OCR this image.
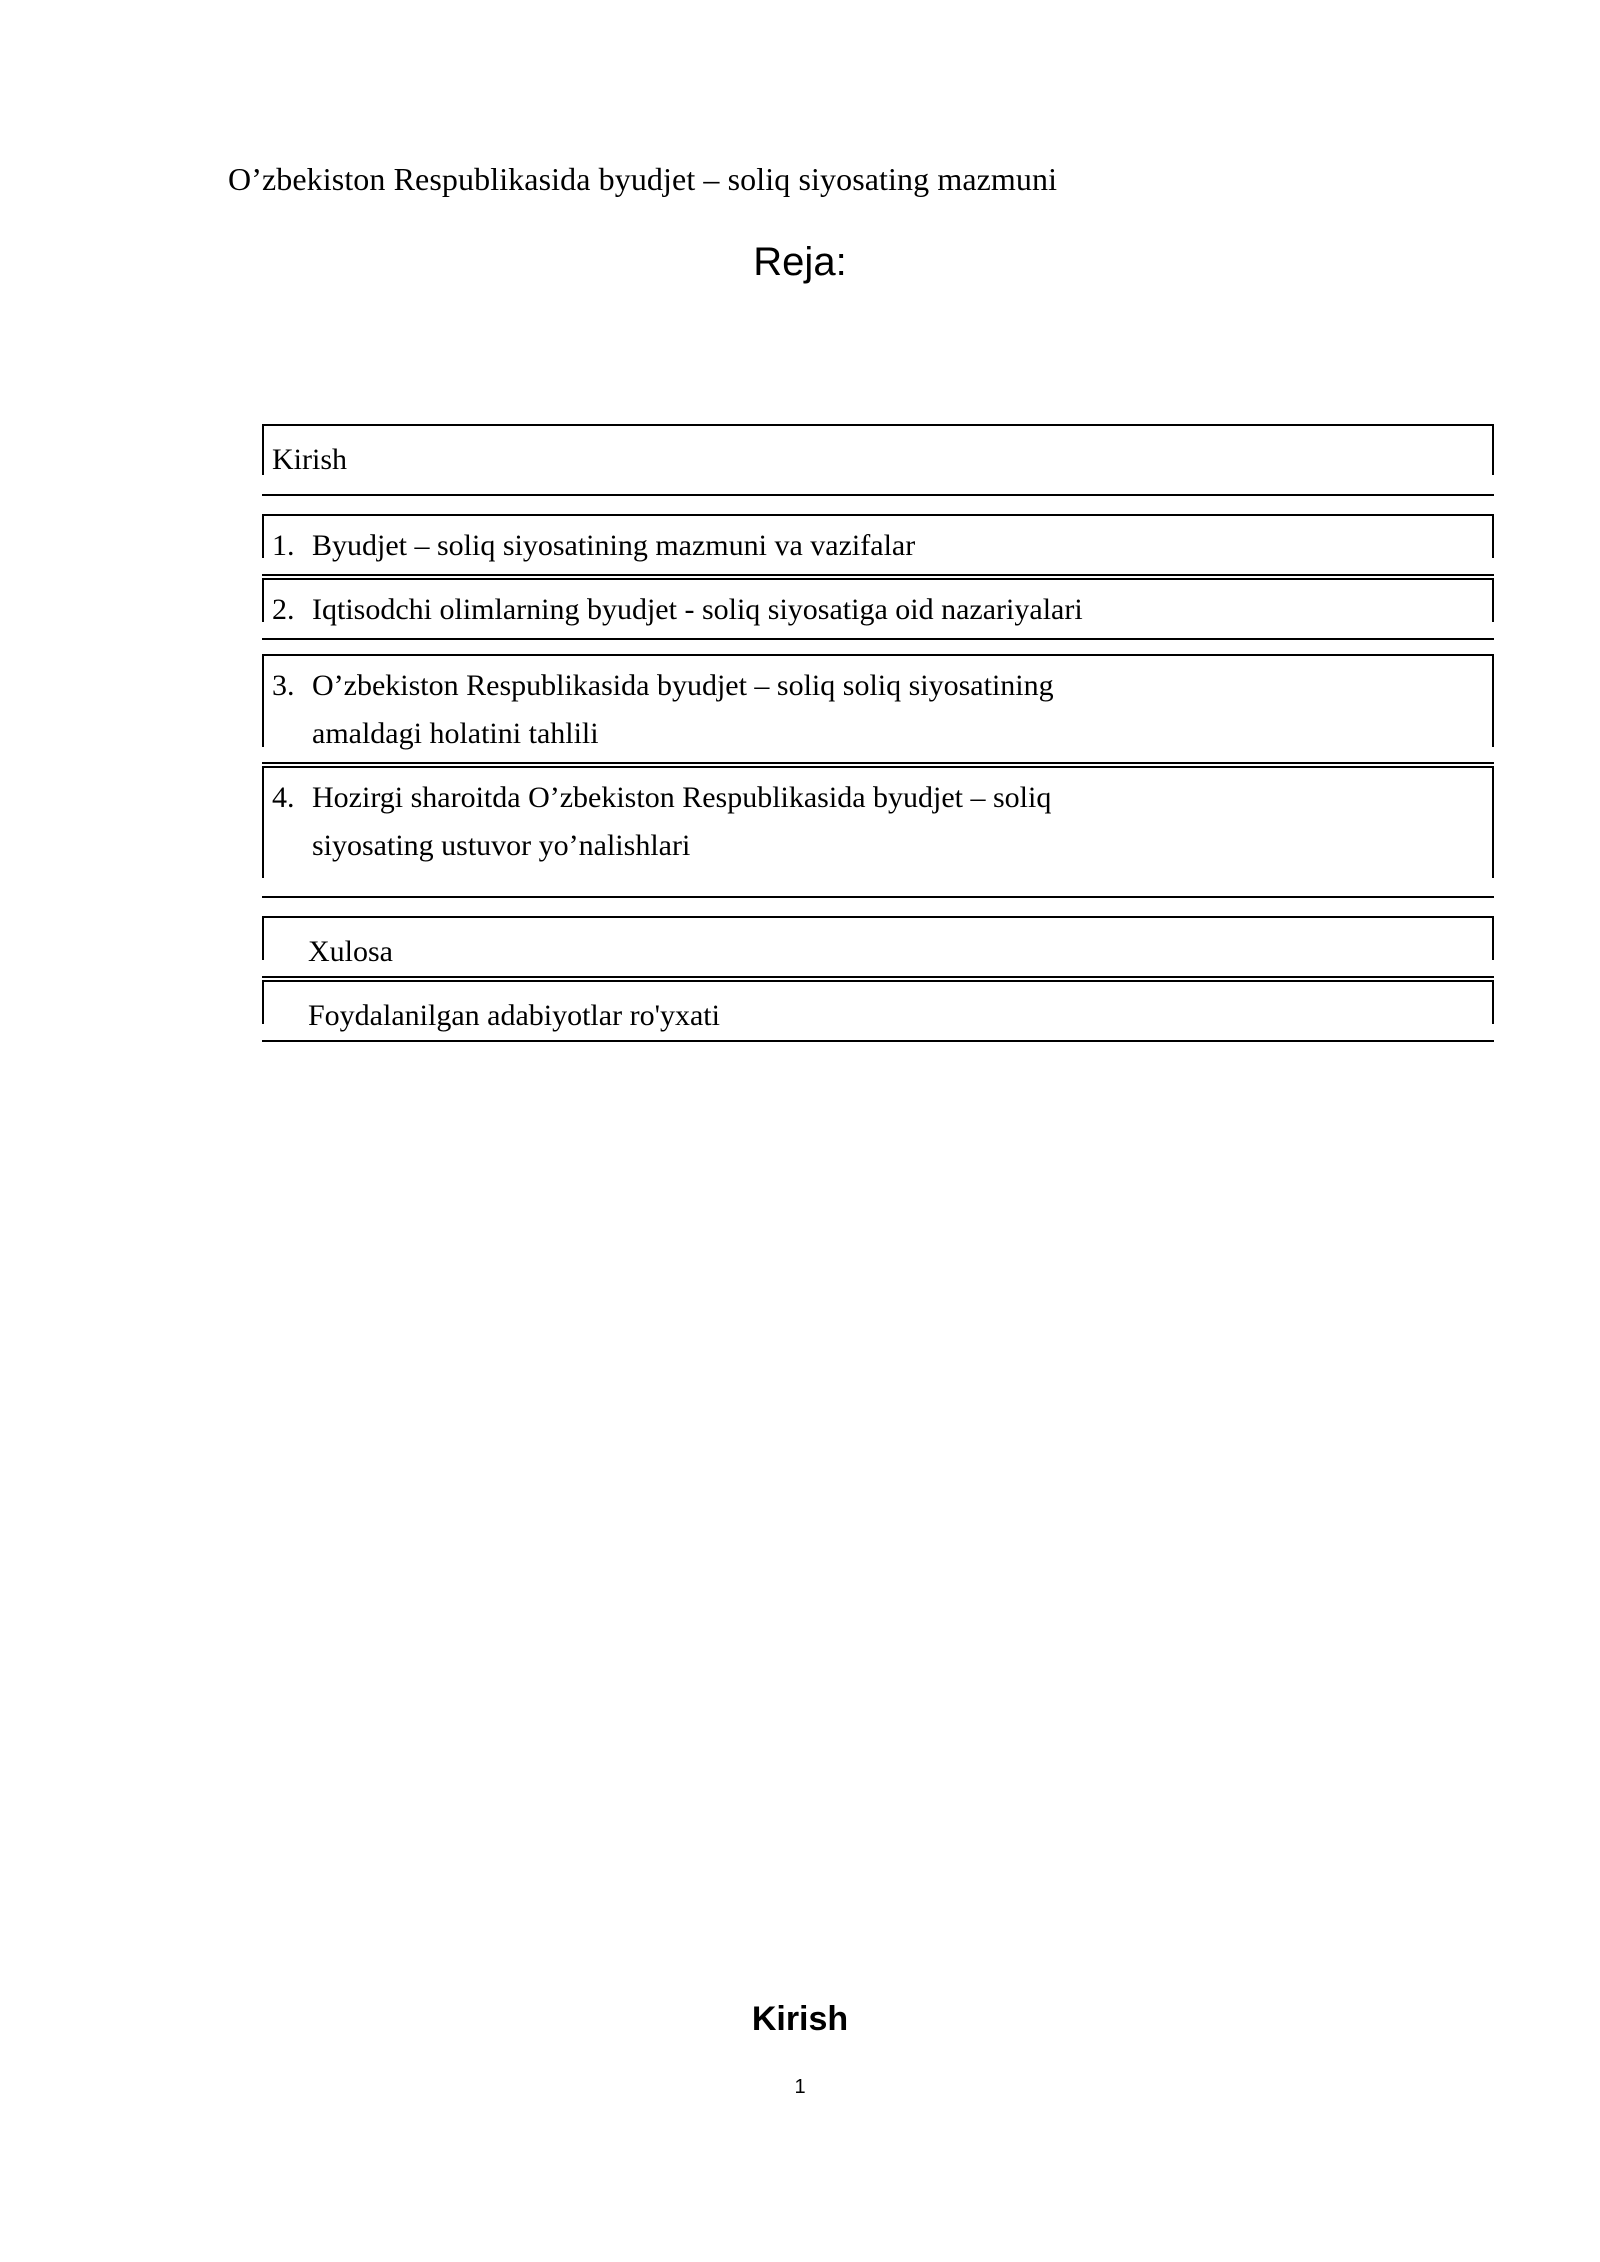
O’zbekiston Respublikasida byudjet – soliq siyosating mazmuni
Reja:
Kirish
1. Byudjet – soliq siyosatining mazmuni va vazifalar
2. Iqtisodchi olimlarning byudjet - soliq siyosatiga oid nazariyalari
3. O’zbekiston Respublikasida byudjet – soliq soliq siyosatining
amaldagi holatini tahlili
4. Hozirgi sharoitda O’zbekiston Respublikasida byudjet – soliq
siyosating ustuvor yo’nalishlari
Xulosa
Foydalanilgan adabiyotlar ro'yxati
Kirish
1
